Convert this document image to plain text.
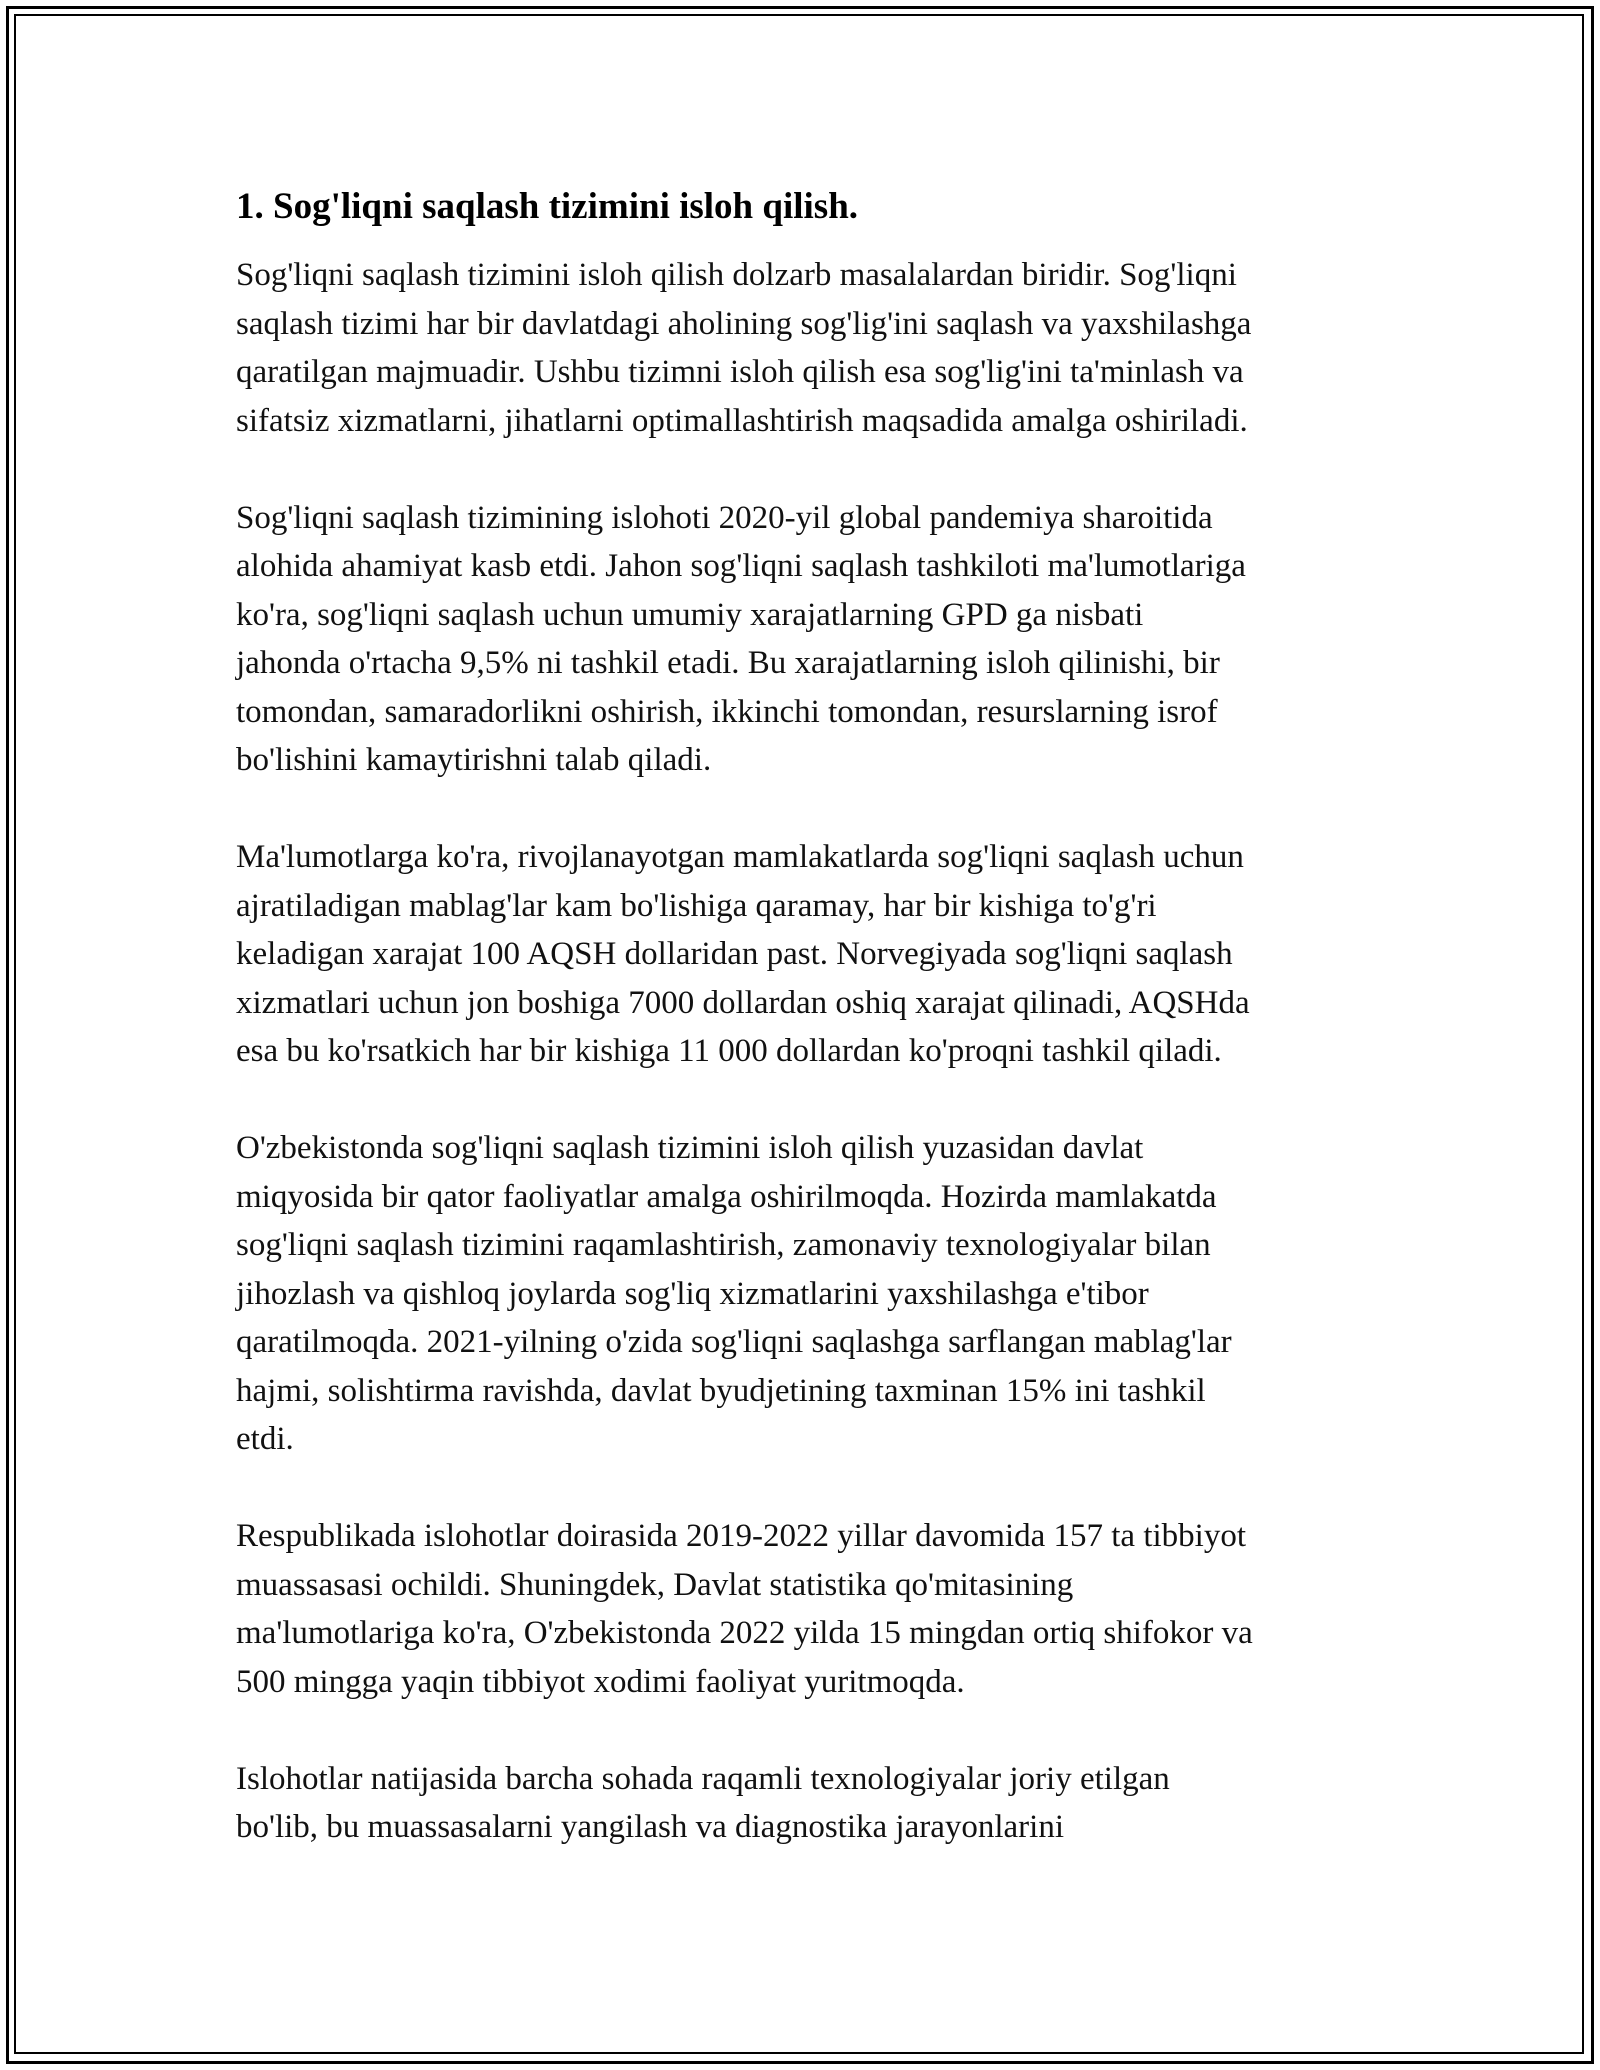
1. Sog'liqni saqlash tizimini isloh qilish.
Sog'liqni saqlash tizimini isloh qilish dolzarb masalalardan biridir. Sog'liqni
saqlash tizimi har bir davlatdagi aholining sog'lig'ini saqlash va yaxshilashga
qaratilgan majmuadir. Ushbu tizimni isloh qilish esa sog'lig'ini ta'minlash va
sifatsiz xizmatlarni, jihatlarni optimallashtirish maqsadida amalga oshiriladi.
Sog'liqni saqlash tizimining islohoti 2020-yil global pandemiya sharoitida
alohida ahamiyat kasb etdi. Jahon sog'liqni saqlash tashkiloti ma'lumotlariga
ko'ra, sog'liqni saqlash uchun umumiy xarajatlarning GPD ga nisbati
jahonda o'rtacha 9,5% ni tashkil etadi. Bu xarajatlarning isloh qilinishi, bir
tomondan, samaradorlikni oshirish, ikkinchi tomondan, resurslarning isrof
bo'lishini kamaytirishni talab qiladi.
Ma'lumotlarga ko'ra, rivojlanayotgan mamlakatlarda sog'liqni saqlash uchun
ajratiladigan mablag'lar kam bo'lishiga qaramay, har bir kishiga to'g'ri
keladigan xarajat 100 AQSH dollaridan past. Norvegiyada sog'liqni saqlash
xizmatlari uchun jon boshiga 7000 dollardan oshiq xarajat qilinadi, AQSHda
esa bu ko'rsatkich har bir kishiga 11 000 dollardan ko'proqni tashkil qiladi.
O'zbekistonda sog'liqni saqlash tizimini isloh qilish yuzasidan davlat
miqyosida bir qator faoliyatlar amalga oshirilmoqda. Hozirda mamlakatda
sog'liqni saqlash tizimini raqamlashtirish, zamonaviy texnologiyalar bilan
jihozlash va qishloq joylarda sog'liq xizmatlarini yaxshilashga e'tibor
qaratilmoqda. 2021-yilning o'zida sog'liqni saqlashga sarflangan mablag'lar
hajmi, solishtirma ravishda, davlat byudjetining taxminan 15% ini tashkil
etdi.
Respublikada islohotlar doirasida 2019-2022 yillar davomida 157 ta tibbiyot
muassasasi ochildi. Shuningdek, Davlat statistika qo'mitasining
ma'lumotlariga ko'ra, O'zbekistonda 2022 yilda 15 mingdan ortiq shifokor va
500 mingga yaqin tibbiyot xodimi faoliyat yuritmoqda.
Islohotlar natijasida barcha sohada raqamli texnologiyalar joriy etilgan
bo'lib, bu muassasalarni yangilash va diagnostika jarayonlarini
